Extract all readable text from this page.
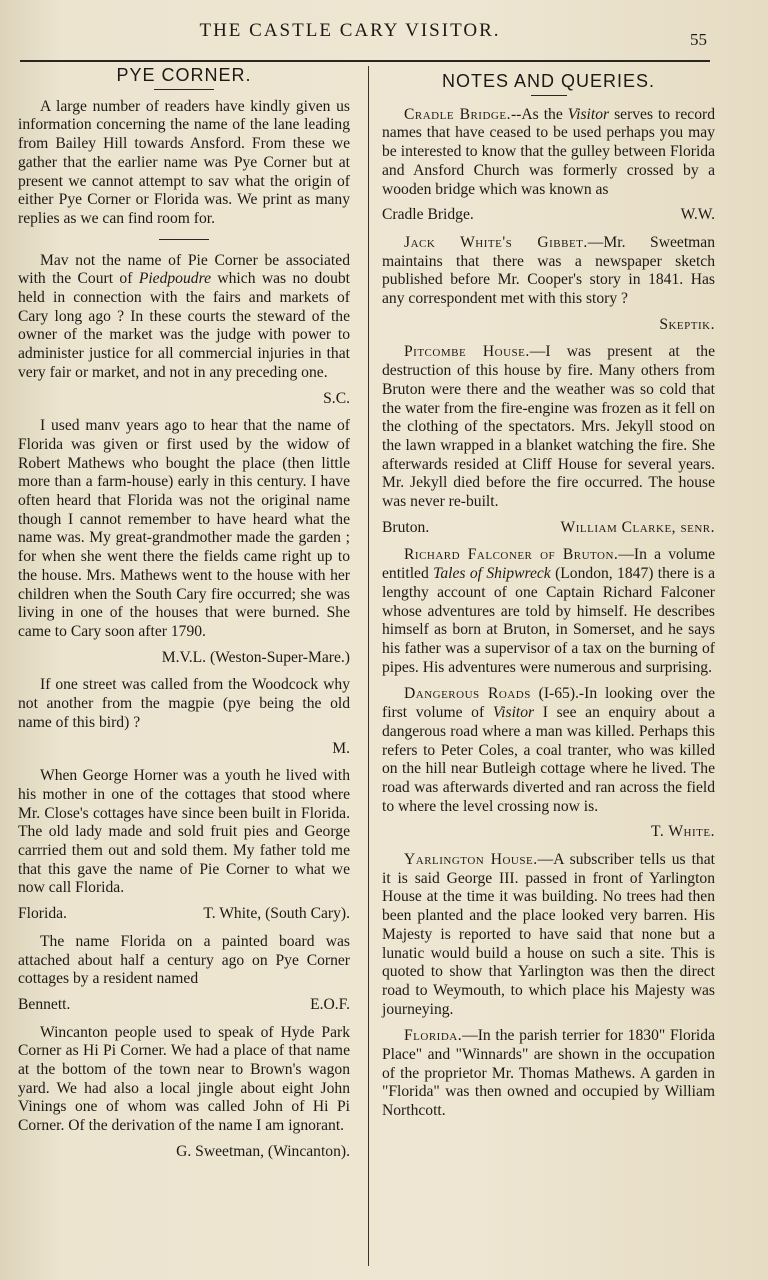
THE CASTLE CARY VISITOR.	55
PYE CORNER.

A large number of readers have kindly given us information concerning the name of the lane leading from Bailey Hill towards Ansford. From these we gather that the earlier name was Pye Corner but at present we cannot attempt to sav what the origin of either Pye Corner or Florida was. We print as many replies as we can find room for.

Mav not the name of Pie Corner be associated with the Court of Piedpoudre which was no doubt held in connection with the fairs and markets of Cary long ago ? In these courts the steward of the owner of the market was the judge with power to administer justice for all commercial injuries in that very fair or market, and not in any preceding one.

S.C.

I used manv years ago to hear that the name of Florida was given or first used by the widow of Robert Mathews who bought the place (then little more than a farm-house) early in this century. I have often heard that Florida was not the original name though I cannot remember to have heard what the name was. My great-grandmother made the garden ; for when she went there the fields came right up to the house. Mrs. Mathews went to the house with her children when the South Cary fire occurred; she was living in one of the houses that were burned. She came to Cary soon after 1790.

M.V.L. (Weston-Super-Mare.)

If one street was called from the Woodcock why not another from the magpie (pye being the old name of this bird) ?

M.

When George Horner was a youth he lived with his mother in one of the cottages that stood where Mr. Close's cottages have since been built in Florida. The old lady made and sold fruit pies and George carrried them out and sold them. My father told me that this gave the name of Pie Corner to what we now call Florida.

Florida.	T. White, (South Cary).

The name Florida on a painted board was attached about half a century ago on Pye Corner cottages by a resident named

Bennett.	E.O.F.

Wincanton people used to speak of Hyde Park Corner as Hi Pi Corner. We had a place of that name at the bottom of the town near to Brown's wagon yard. We had also a local jingle about eight John Vinings one of whom was called John of Hi Pi Corner. Of the derivation of the name I am ignorant.

G. Sweetman, (Wincanton).
NOTES AND QUERIES.

Cradle Bridge.--As the Visitor serves to record names that have ceased to be used perhaps you may be interested to know that the gulley between Florida and Ansford Church was formerly crossed by a wooden bridge which was known as

Cradle Bridge.	W.W.

Jack White's Gibbet.—Mr. Sweetman maintains that there was a newspaper sketch published before Mr. Cooper's story in 1841. Has any correspondent met with this story ?

Skeptik.

Pitcombe House.—I was present at the destruction of this house by fire. Many others from Bruton were there and the weather was so cold that the water from the fire-engine was frozen as it fell on the clothing of the spectators. Mrs. Jekyll stood on the lawn wrapped in a blanket watching the fire. She afterwards resided at Cliff House for several years. Mr. Jekyll died before the fire occurred. The house was never re-built.

Bruton.	William Clarke, senr.

Richard Falconer of Bruton.—In a volume entitled Tales of Shipwreck (London, 1847) there is a lengthy account of one Captain Richard Falconer whose adventures are told by himself. He describes himself as born at Bruton, in Somerset, and he says his father was a supervisor of a tax on the burning of pipes. His adventures were numerous and surprising.

Dangerous Roads (I-65).-In looking over the first volume of Visitor I see an enquiry about a dangerous road where a man was killed. Perhaps this refers to Peter Coles, a coal tranter, who was killed on the hill near Butleigh cottage where he lived. The road was afterwards diverted and ran across the field to where the level crossing now is.

T. White.

Yarlington House.—A subscriber tells us that it is said George III. passed in front of Yarlington House at the time it was building. No trees had then been planted and the place looked very barren. His Majesty is reported to have said that none but a lunatic would build a house on such a site. This is quoted to show that Yarlington was then the direct road to Weymouth, to which place his Majesty was journeying.

Florida.—In the parish terrier for 1830" Florida Place" and "Winnards" are shown in the occupation of the proprietor Mr. Thomas Mathews. A garden in "Florida" was then owned and occupied by William Northcott.
